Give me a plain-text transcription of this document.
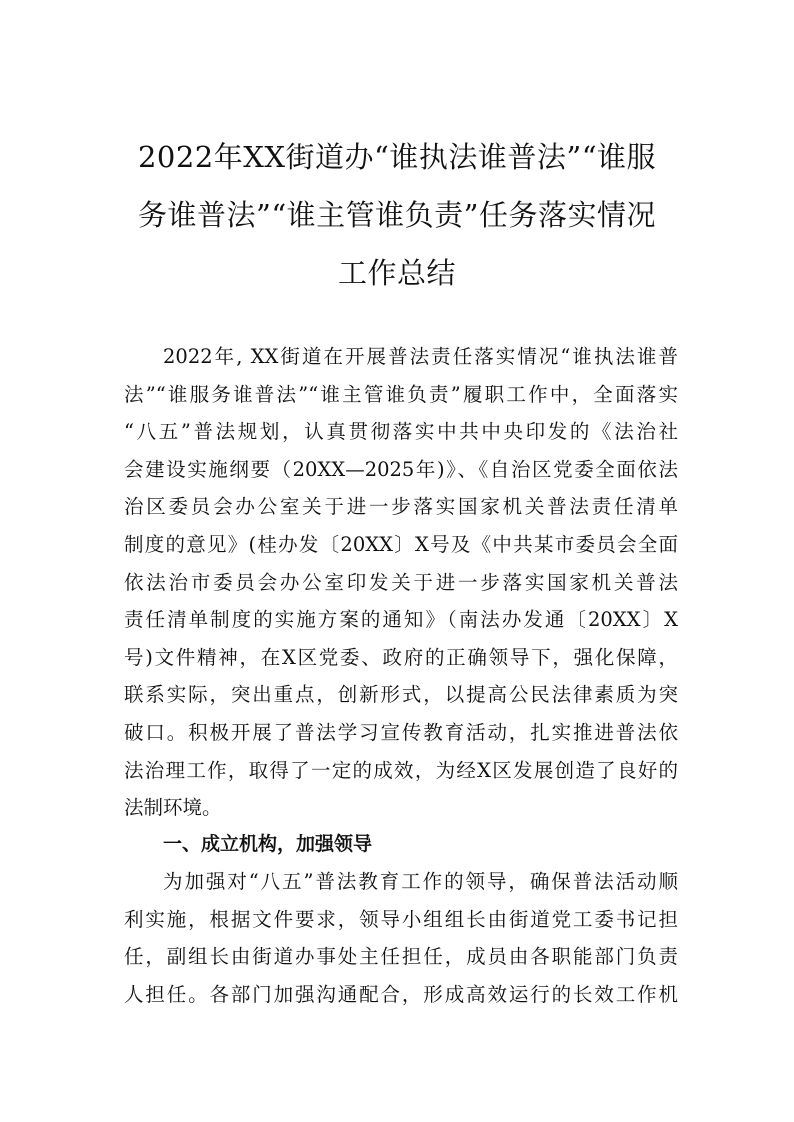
2022年XX街道办“谁执法谁普法”“谁服
务谁普法”“谁主管谁负责”任务落实情况
工作总结

2022年, XX街道在开展普法责任落实情况“谁执法谁普
法”“谁服务谁普法”“谁主管谁负责”履职工作中，全面落实
“八五”普法规划，认真贯彻落实中共中央印发的《法治社
会建设实施纲要（20XX—2025年)》、《自治区党委全面依法
治区委员会办公室关于进一步落实国家机关普法责任清单
制度的意见》(桂办发〔20XX〕X号及《中共某市委员会全面
依法治市委员会办公室印发关于进一步落实国家机关普法
责任清单制度的实施方案的通知》（南法办发通〔20XX〕X
号)文件精神，在X区党委、政府的正确领导下，强化保障，
联系实际，突出重点，创新形式，以提高公民法律素质为突
破口。积极开展了普法学习宣传教育活动，扎实推进普法依
法治理工作，取得了一定的成效，为经X区发展创造了良好的
法制环境。

一、成立机构，加强领导

为加强对“八五”普法教育工作的领导，确保普法活动顺
利实施，根据文件要求，领导小组组长由街道党工委书记担
任，副组长由街道办事处主任担任，成员由各职能部门负责
人担任。各部门加强沟通配合，形成高效运行的长效工作机
